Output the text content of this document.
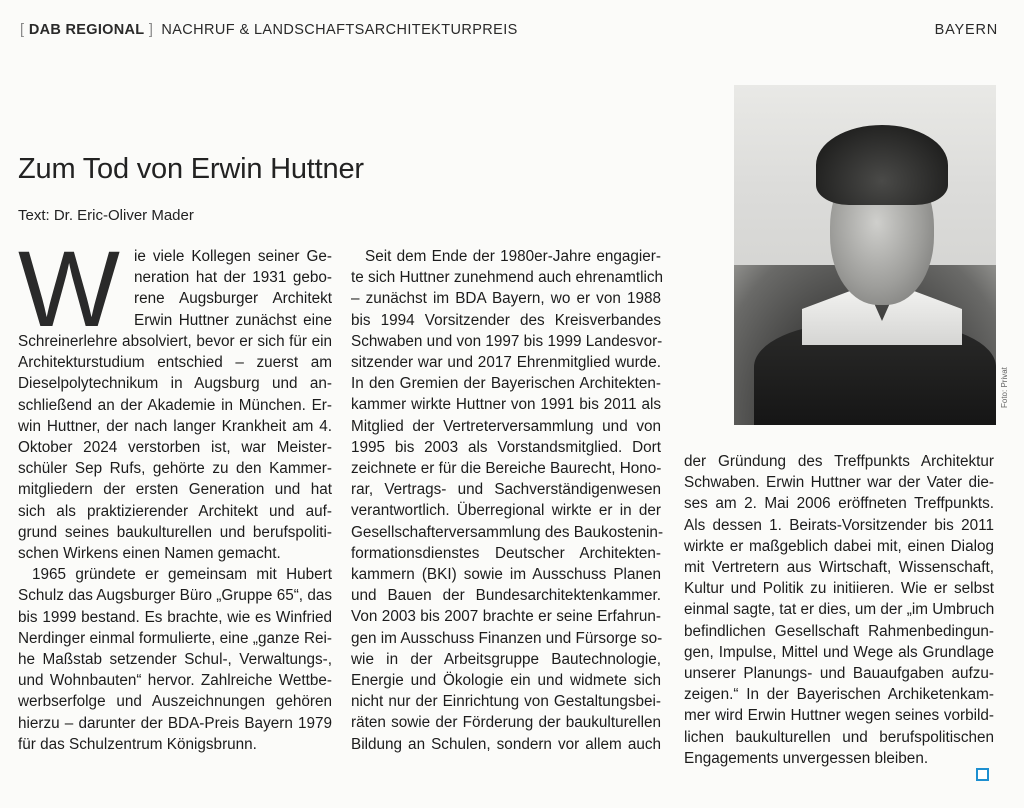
[ DAB REGIONAL ] NACHRUF & LANDSCHAFTSARCHITEKTURPREIS	BAYERN
Zum Tod von Erwin Huttner
Text: Dr. Eric-Oliver Mader
W	ie viele Kollegen seiner Ge-
neration hat der 1931 gebo-
rene Augsburger Architekt
Erwin Huttner zunächst eine
Schreinerlehre absolviert, bevor er sich für ein
Architekturstudium entschied – zuerst am
Dieselpolytechnikum in Augsburg und an-
schließend an der Akademie in München. Er-
win Huttner, der nach langer Krankheit am 4.
Oktober 2024 verstorben ist, war Meister-
schüler Sep Rufs, gehörte zu den Kammer-
mitgliedern der ersten Generation und hat
sich als praktizierender Architekt und auf-
grund seines baukulturellen und berufspoliti-
schen Wirkens einen Namen gemacht.
1965 gründete er gemeinsam mit Hubert
Schulz das Augsburger Büro „Gruppe 65“, das
bis 1999 bestand. Es brachte, wie es Winfried
Nerdinger einmal formulierte, eine „ganze Rei-
he Maßstab setzender Schul-, Verwaltungs-,
und Wohnbauten“ hervor. Zahlreiche Wettbe-
werbserfolge und Auszeichnungen gehören
hierzu – darunter der BDA-Preis Bayern 1979
für das Schulzentrum Königsbrunn.
Seit dem Ende der 1980er-Jahre engagier-
te sich Huttner zunehmend auch ehrenamtlich
– zunächst im BDA Bayern, wo er von 1988
bis 1994 Vorsitzender des Kreisverbandes
Schwaben und von 1997 bis 1999 Landesvor-
sitzender war und 2017 Ehrenmitglied wurde.
In den Gremien der Bayerischen Architekten-
kammer wirkte Huttner von 1991 bis 2011 als
Mitglied der Vertreterversammlung und von
1995 bis 2003 als Vorstandsmitglied. Dort
zeichnete er für die Bereiche Baurecht, Hono-
rar, Vertrags- und Sachverständigenwesen
verantwortlich. Überregional wirkte er in der
Gesellschafterversammlung des Baukostenin-
formationsdienstes Deutscher Architekten-
kammern (BKI) sowie im Ausschuss Planen
und Bauen der Bundesarchitektenkammer.
Von 2003 bis 2007 brachte er seine Erfahrun-
gen im Ausschuss Finanzen und Fürsorge so-
wie in der Arbeitsgruppe Bautechnologie,
Energie und Ökologie ein und widmete sich
nicht nur der Einrichtung von Gestaltungsbei-
räten sowie der Förderung der baukulturellen
Bildung an Schulen, sondern vor allem auch
Foto: Privat
der Gründung des Treffpunkts Architektur
Schwaben. Erwin Huttner war der Vater die-
ses am 2. Mai 2006 eröffneten Treffpunkts.
Als dessen 1. Beirats-Vorsitzender bis 2011
wirkte er maßgeblich dabei mit, einen Dialog
mit Vertretern aus Wirtschaft, Wissenschaft,
Kultur und Politik zu initiieren. Wie er selbst
einmal sagte, tat er dies, um der „im Umbruch
befindlichen Gesellschaft Rahmenbedingun-
gen, Impulse, Mittel und Wege als Grundlage
unserer Planungs- und Bauaufgaben aufzu-
zeigen.“ In der Bayerischen Archiketenkam-
mer wird Erwin Huttner wegen seines vorbild-
lichen baukulturellen und berufspolitischen
Engagements unvergessen bleiben.
